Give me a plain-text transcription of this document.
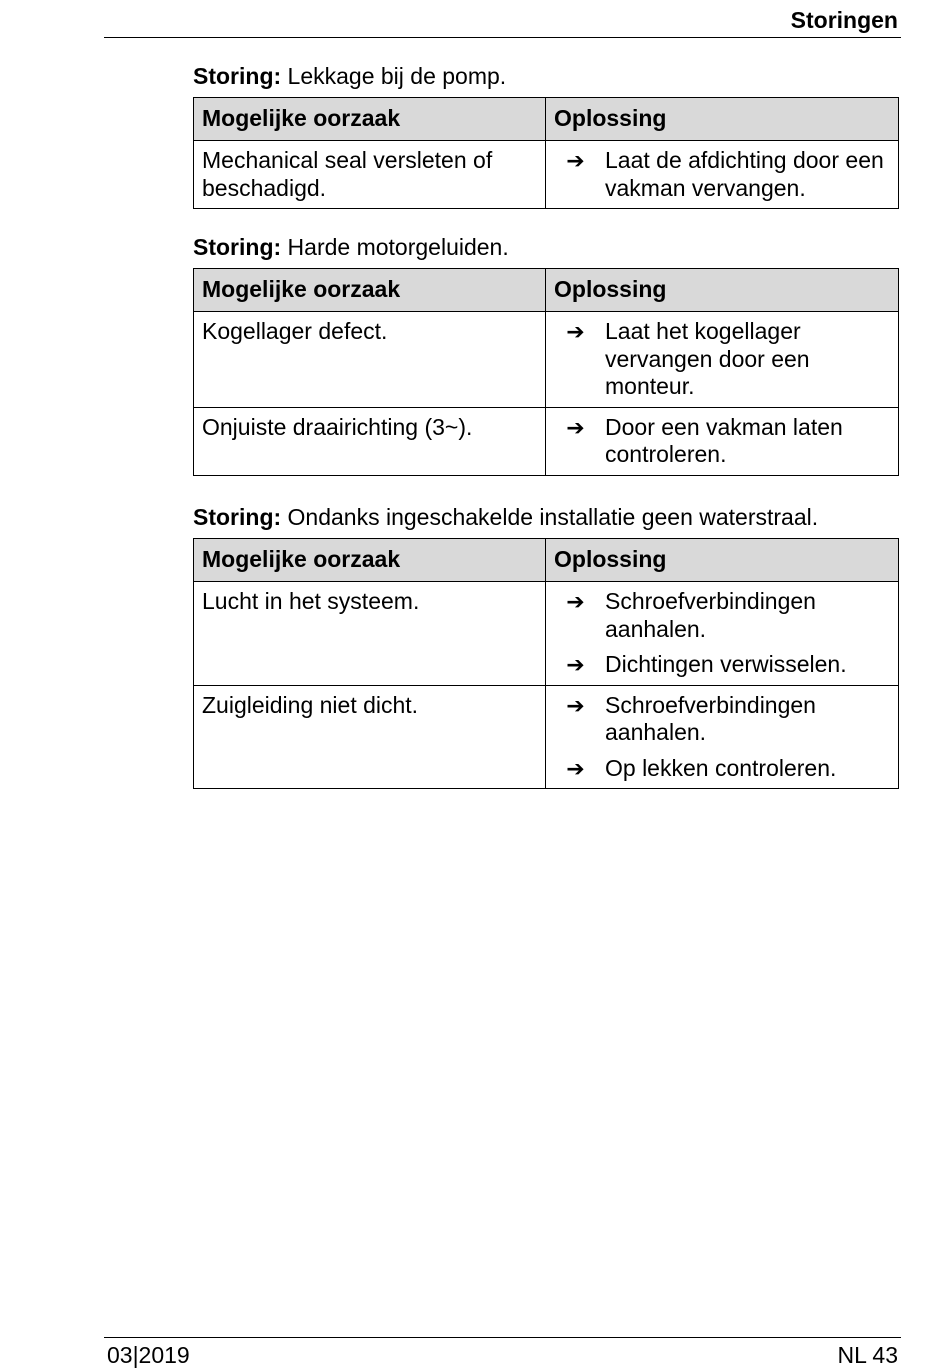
Storingen
Storing: Lekkage bij de pomp.
Mogelijke oorzaak	Oplossing
Mechanical seal versleten of beschadigd.	➔ Laat de afdichting door een vakman vervangen.
Storing: Harde motorgeluiden.
Mogelijke oorzaak	Oplossing
Kogellager defect.	➔ Laat het kogellager vervangen door een monteur.

Onjuiste draairichting (3~).	➔ Door een vakman laten controleren.
Storing: Ondanks ingeschakelde installatie geen waterstraal.
Mogelijke oorzaak	Oplossing
Lucht in het systeem.	➔ Schroefverbindingen aanhalen.
➔ Dichtingen verwisselen.

Zuigleiding niet dicht.	➔ Schroefverbindingen aanhalen.
➔ Op lekken controleren.
03|2019	NL 43
